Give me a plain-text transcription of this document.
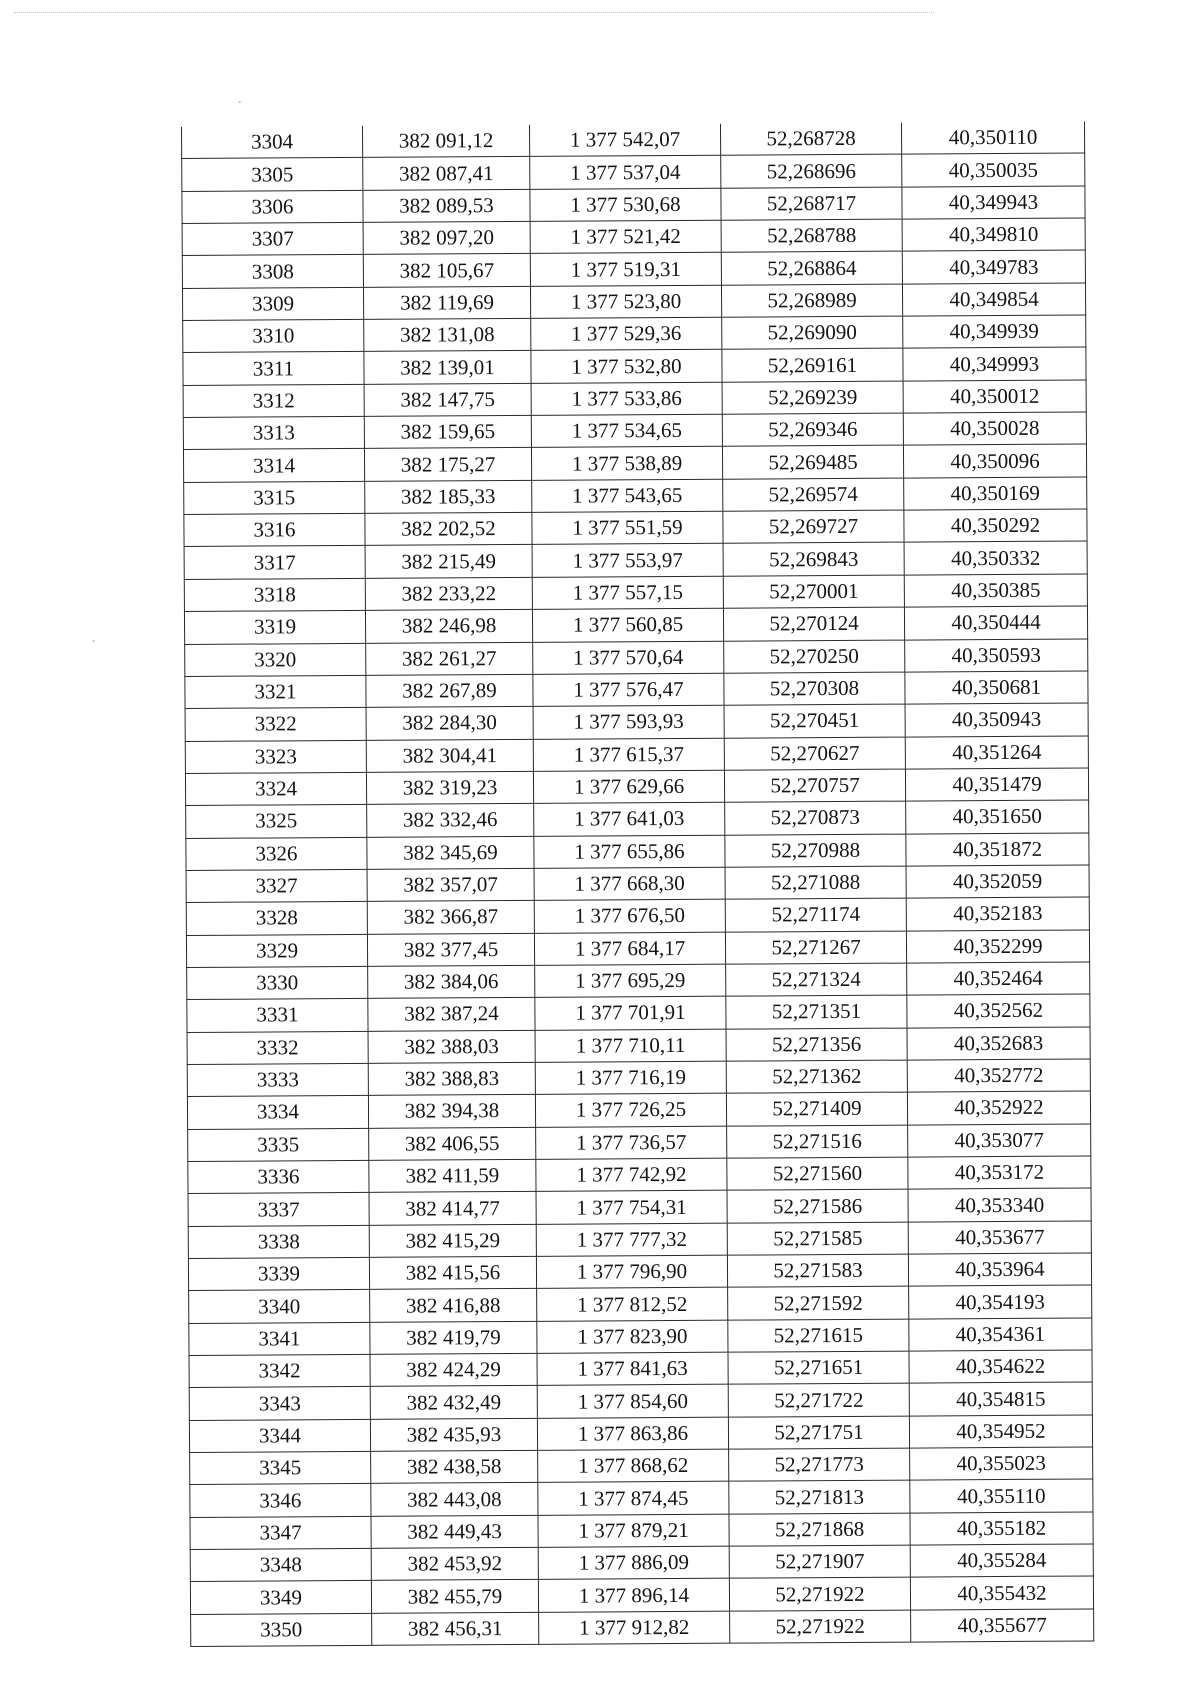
3304	382 091,12	1 377 542,07	52,268728	40,350110
3305	382 087,41	1 377 537,04	52,268696	40,350035
3306	382 089,53	1 377 530,68	52,268717	40,349943
3307	382 097,20	1 377 521,42	52,268788	40,349810
3308	382 105,67	1 377 519,31	52,268864	40,349783
3309	382 119,69	1 377 523,80	52,268989	40,349854
3310	382 131,08	1 377 529,36	52,269090	40,349939
3311	382 139,01	1 377 532,80	52,269161	40,349993
3312	382 147,75	1 377 533,86	52,269239	40,350012
3313	382 159,65	1 377 534,65	52,269346	40,350028
3314	382 175,27	1 377 538,89	52,269485	40,350096
3315	382 185,33	1 377 543,65	52,269574	40,350169
3316	382 202,52	1 377 551,59	52,269727	40,350292
3317	382 215,49	1 377 553,97	52,269843	40,350332
3318	382 233,22	1 377 557,15	52,270001	40,350385
3319	382 246,98	1 377 560,85	52,270124	40,350444
3320	382 261,27	1 377 570,64	52,270250	40,350593
3321	382 267,89	1 377 576,47	52,270308	40,350681
3322	382 284,30	1 377 593,93	52,270451	40,350943
3323	382 304,41	1 377 615,37	52,270627	40,351264
3324	382 319,23	1 377 629,66	52,270757	40,351479
3325	382 332,46	1 377 641,03	52,270873	40,351650
3326	382 345,69	1 377 655,86	52,270988	40,351872
3327	382 357,07	1 377 668,30	52,271088	40,352059
3328	382 366,87	1 377 676,50	52,271174	40,352183
3329	382 377,45	1 377 684,17	52,271267	40,352299
3330	382 384,06	1 377 695,29	52,271324	40,352464
3331	382 387,24	1 377 701,91	52,271351	40,352562
3332	382 388,03	1 377 710,11	52,271356	40,352683
3333	382 388,83	1 377 716,19	52,271362	40,352772
3334	382 394,38	1 377 726,25	52,271409	40,352922
3335	382 406,55	1 377 736,57	52,271516	40,353077
3336	382 411,59	1 377 742,92	52,271560	40,353172
3337	382 414,77	1 377 754,31	52,271586	40,353340
3338	382 415,29	1 377 777,32	52,271585	40,353677
3339	382 415,56	1 377 796,90	52,271583	40,353964
3340	382 416,88	1 377 812,52	52,271592	40,354193
3341	382 419,79	1 377 823,90	52,271615	40,354361
3342	382 424,29	1 377 841,63	52,271651	40,354622
3343	382 432,49	1 377 854,60	52,271722	40,354815
3344	382 435,93	1 377 863,86	52,271751	40,354952
3345	382 438,58	1 377 868,62	52,271773	40,355023
3346	382 443,08	1 377 874,45	52,271813	40,355110
3347	382 449,43	1 377 879,21	52,271868	40,355182
3348	382 453,92	1 377 886,09	52,271907	40,355284
3349	382 455,79	1 377 896,14	52,271922	40,355432
3350	382 456,31	1 377 912,82	52,271922	40,355677
